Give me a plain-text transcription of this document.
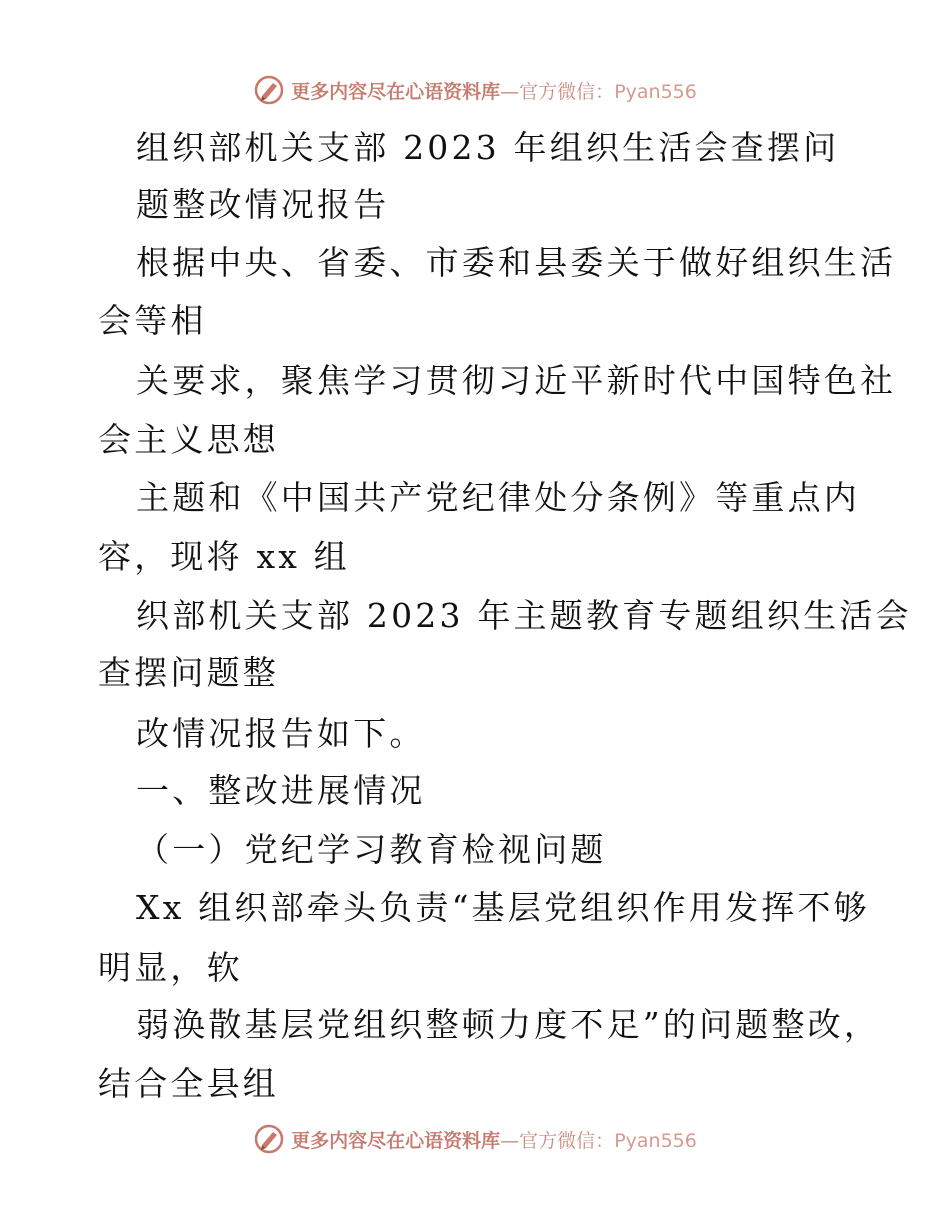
更多内容尽在心语资料库—官方微信：Pyan556
组织部机关支部 2023 年组织生活会查摆问
题整改情况报告
根据中央、省委、市委和县委关于做好组织生活
会等相
关要求，聚焦学习贯彻习近平新时代中国特色社
会主义思想
主题和《中国共产党纪律处分条例》等重点内
容，现将 xx 组
织部机关支部 2023 年主题教育专题组织生活会
查摆问题整
改情况报告如下。
一、整改进展情况
（一）党纪学习教育检视问题
Xx 组织部牵头负责“基层党组织作用发挥不够
明显，软
弱涣散基层党组织整顿力度不足”的问题整改，
结合全县组
更多内容尽在心语资料库—官方微信：Pyan556
